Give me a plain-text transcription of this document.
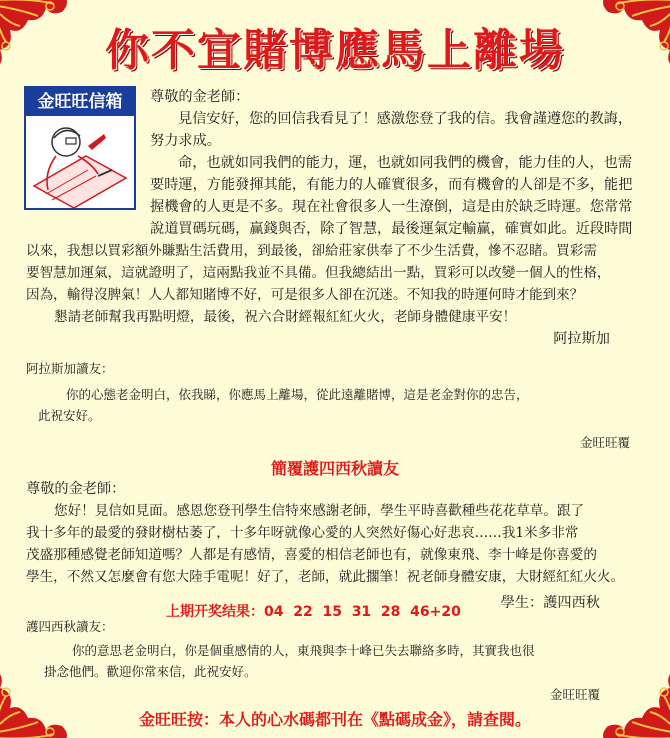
你不宜賭博應馬上離場
金旺旺信箱	尊敬的金老師：

見信安好，您的回信我看見了！感激您登了我的信。我會謹遵您的教誨，

努力求成。

命，也就如同我們的能力，運，也就如同我們的機會，能力佳的人，也需

要時運，方能發揮其能，有能力的人確實很多，而有機會的人卻是不多，能把

握機會的人更是不多。現在社會很多人一生潦倒，這是由於缺乏時運。您常常

說道買碼玩碼，赢錢與否，除了智慧，最後運氣定輸赢，確實如此。近段時間

以來，我想以買彩額外賺點生活費用，到最後，卻給莊家供奉了不少生活費，慘不忍睹。買彩需

要智慧加運氣，這就證明了，這兩點我並不具備。但我總結出一點，買彩可以改變一個人的性格，

因為，輸得沒脾氣！人人都知賭博不好，可是很多人卻在沉迷。不知我的時運何時才能到來？

懇請老師幫我再點明燈，最後，祝六合財經報紅紅火火，老師身體健康平安！

阿拉斯加

阿拉斯加讀友：

你的心態老金明白，依我睇，你應馬上離場，從此遠離賭博，這是老金對你的忠告，

此祝安好。

金旺旺覆

簡覆護四西秋讀友

尊敬的金老師：

您好！見信如見面。感恩您登刊學生信特來感謝老師，學生平時喜歡種些花花草草。跟了

我十多年的最愛的發財樹枯萎了，十多年呀就像心愛的人突然好傷心好悲哀……我1米多非常

茂盛那種感覺老師知道嗎？人都是有感情，喜愛的相信老師也有，就像東飛、李十峰是你喜愛的

學生，不然又怎麼會有您大陸手電呢！好了，老師，就此擱筆！祝老師身體安康，大財經紅紅火火。

學生：護四西秋

上期开奖结果：04  22  15  31  28  46+20

護四西秋讀友：

你的意思老金明白，你是個重感情的人，東飛與李十峰已失去聯絡多時，其實我也很

掛念他們。歡迎你常來信，此祝安好。

金旺旺覆

金旺旺按：本人的心水碼都刊在《點碼成金》，請查閱。
